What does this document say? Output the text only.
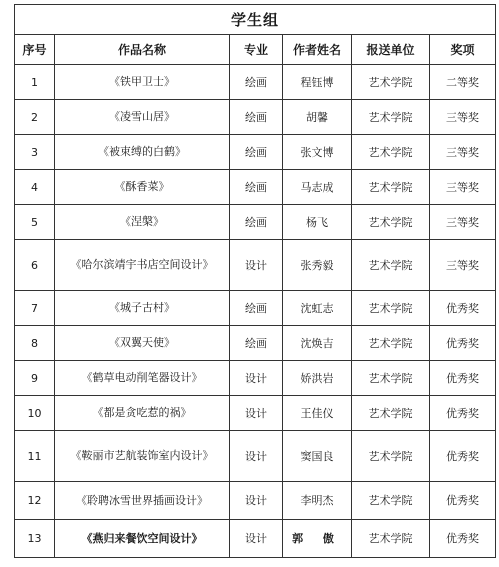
学生组					
序号	作品名称	专业	作者姓名	报送单位	奖项
1	《铁甲卫士》	绘画	程钰博	艺术学院	二等奖
2	《凌雪山居》	绘画	胡馨	艺术学院	三等奖
3	《被束缚的白鹤》	绘画	张文博	艺术学院	三等奖
4	《酥香菜》	绘画	马志成	艺术学院	三等奖
5	《涅槃》	绘画	杨飞	艺术学院	三等奖
6	《哈尔滨靖宇书店空间设计》	设计	张秀毅	艺术学院	三等奖
7	《城子古村》	绘画	沈虹志	艺术学院	优秀奖
8	《双翼天使》	绘画	沈焕吉	艺术学院	优秀奖
9	《鹤草电动削笔器设计》	设计	娇洪岩	艺术学院	优秀奖
10	《都是贪吃惹的祸》	设计	王佳仪	艺术学院	优秀奖
11	《鞍丽市艺航装饰室内设计》	设计	窦国良	艺术学院	优秀奖
12	《聆聘冰雪世界插画设计》	设计	李明杰	艺术学院	优秀奖
13	《燕归来餐饮空间设计》	设计	郭 傲	艺术学院	优秀奖
